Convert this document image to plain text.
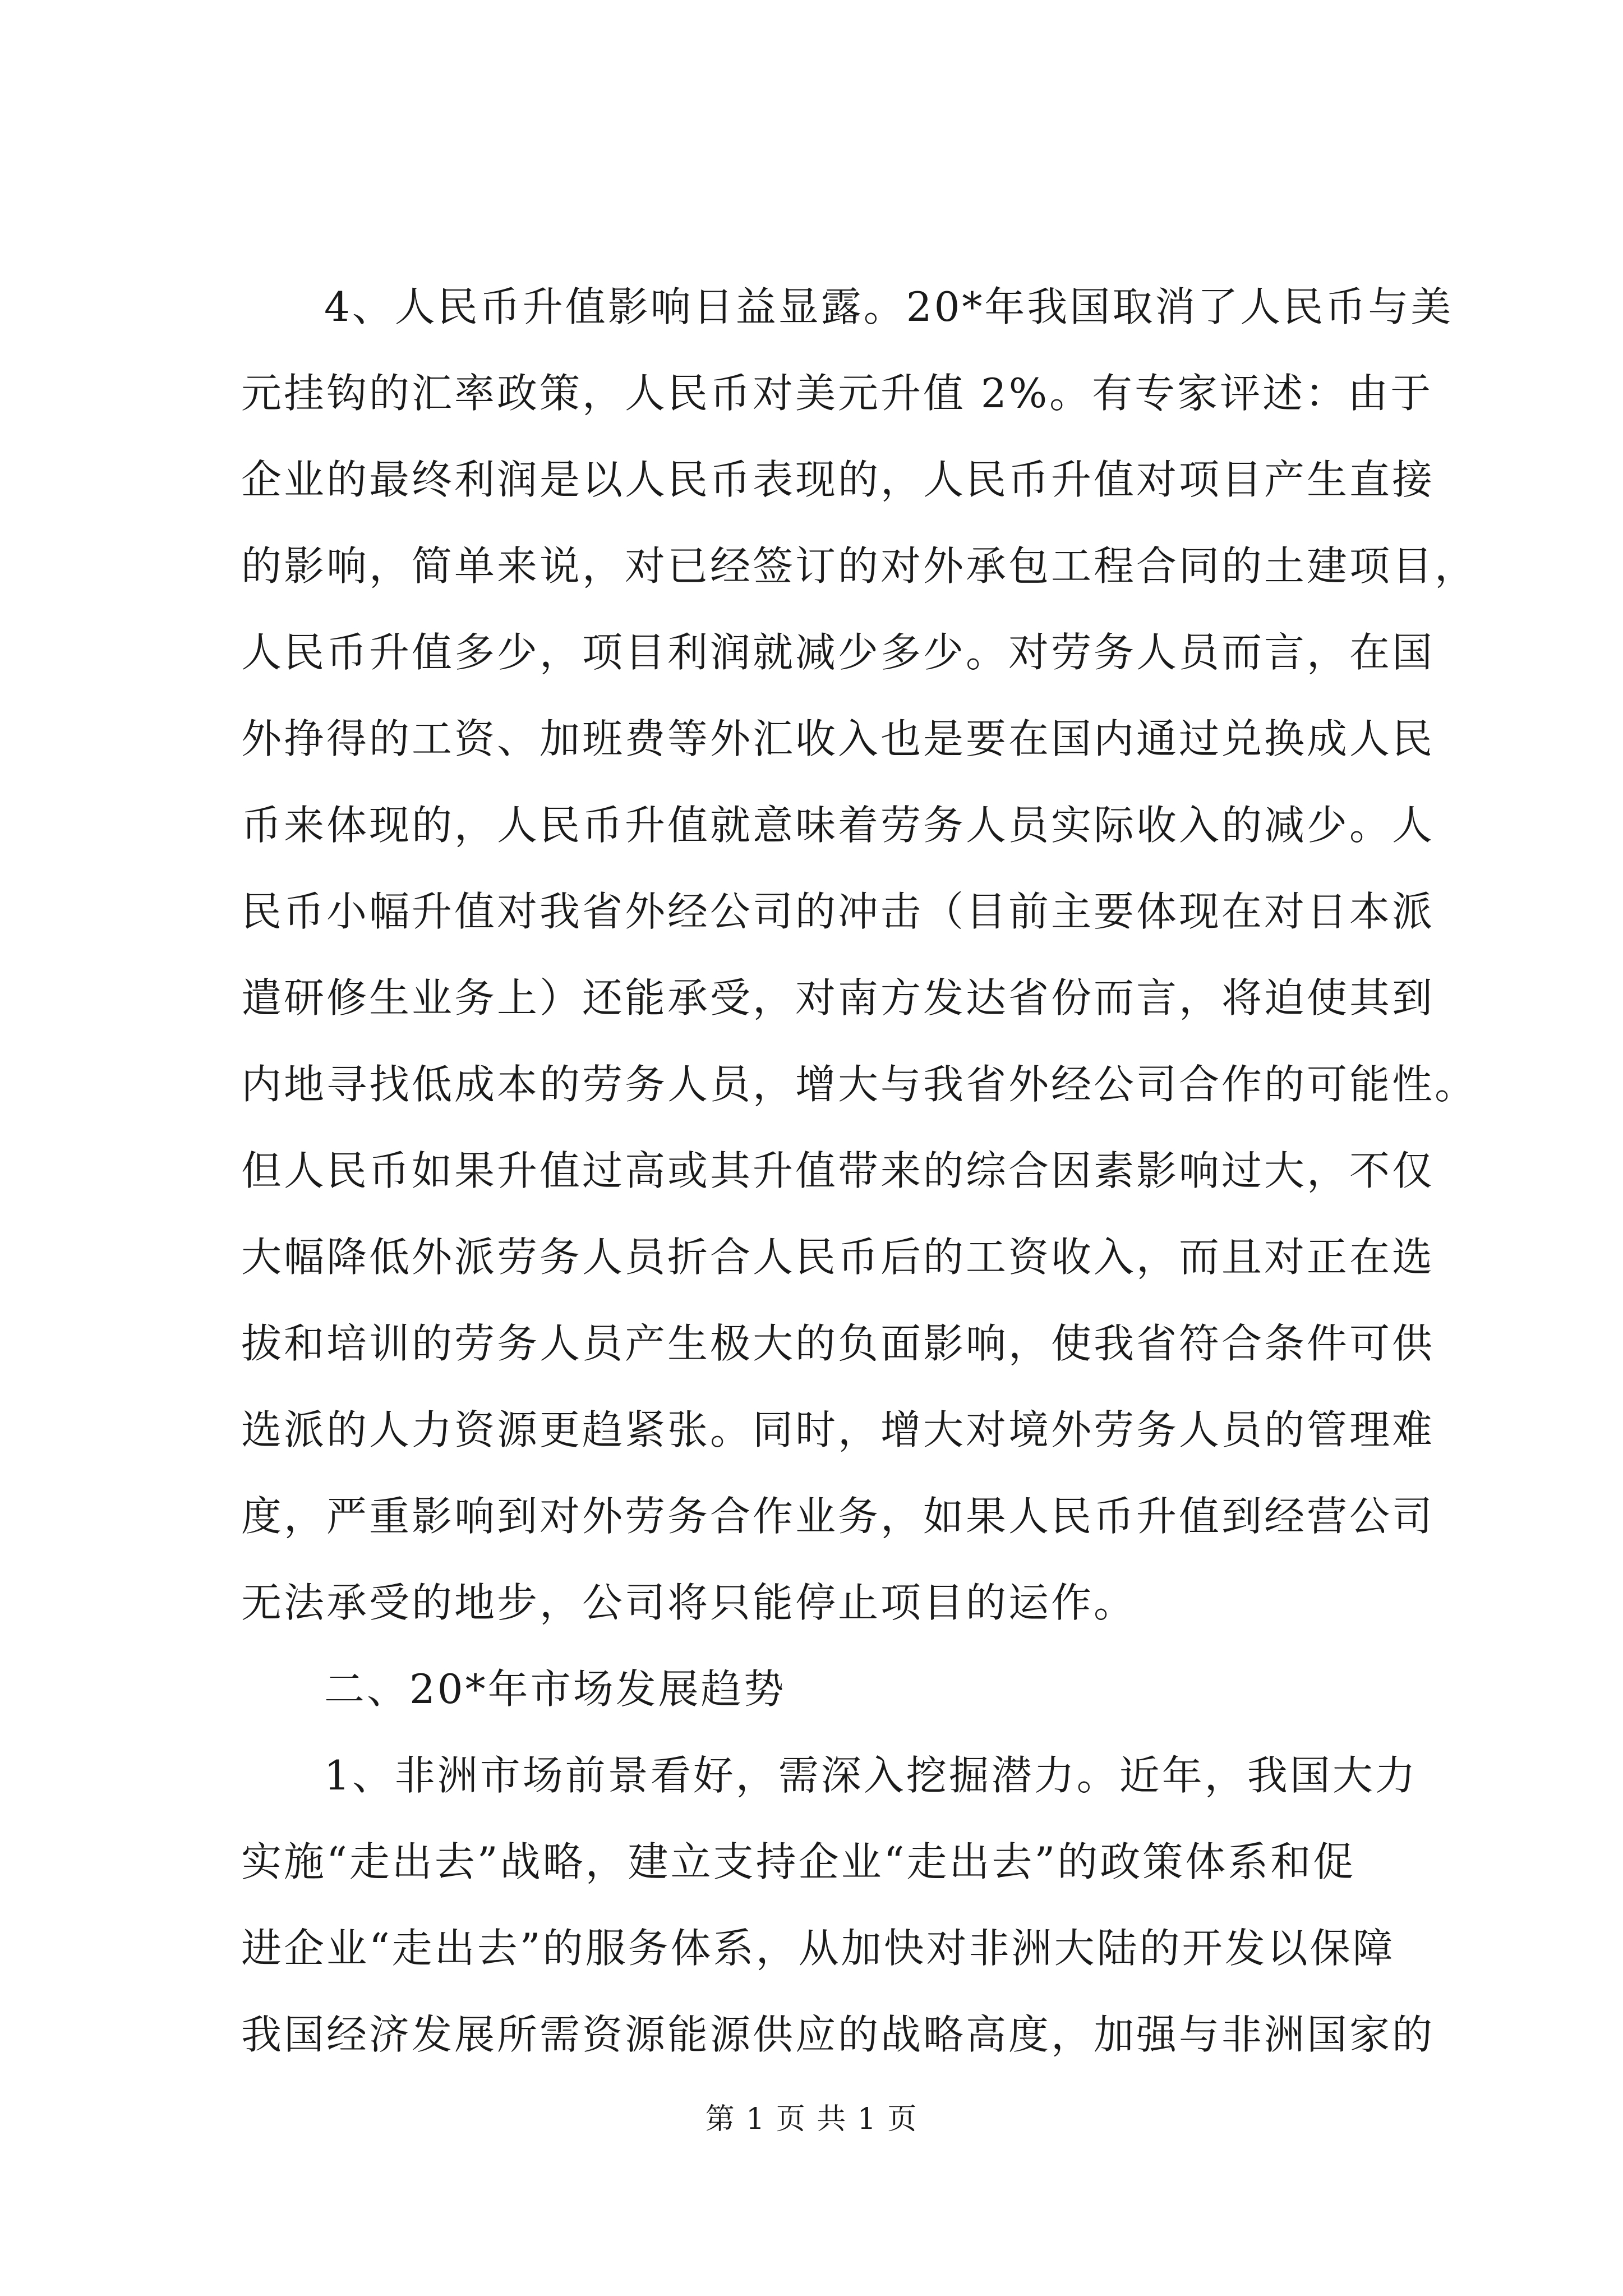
4、人民币升值影响日益显露。20*年我国取消了人民币与美
元挂钩的汇率政策，人民币对美元升值 2%。有专家评述：由于
企业的最终利润是以人民币表现的，人民币升值对项目产生直接
的影响，简单来说，对已经签订的对外承包工程合同的土建项目，
人民币升值多少，项目利润就减少多少。对劳务人员而言，在国
外挣得的工资、加班费等外汇收入也是要在国内通过兑换成人民
币来体现的，人民币升值就意味着劳务人员实际收入的减少。人
民币小幅升值对我省外经公司的冲击（目前主要体现在对日本派
遣研修生业务上）还能承受，对南方发达省份而言，将迫使其到
内地寻找低成本的劳务人员，增大与我省外经公司合作的可能性。
但人民币如果升值过高或其升值带来的综合因素影响过大，不仅
大幅降低外派劳务人员折合人民币后的工资收入，而且对正在选
拔和培训的劳务人员产生极大的负面影响，使我省符合条件可供
选派的人力资源更趋紧张。同时，增大对境外劳务人员的管理难
度，严重影响到对外劳务合作业务，如果人民币升值到经营公司
无法承受的地步，公司将只能停止项目的运作。
二、20*年市场发展趋势
1、非洲市场前景看好，需深入挖掘潜力。近年，我国大力
实施“走出去”战略，建立支持企业“走出去”的政策体系和促
进企业“走出去”的服务体系，从加快对非洲大陆的开发以保障
我国经济发展所需资源能源供应的战略高度，加强与非洲国家的
第 1 页 共 1 页
